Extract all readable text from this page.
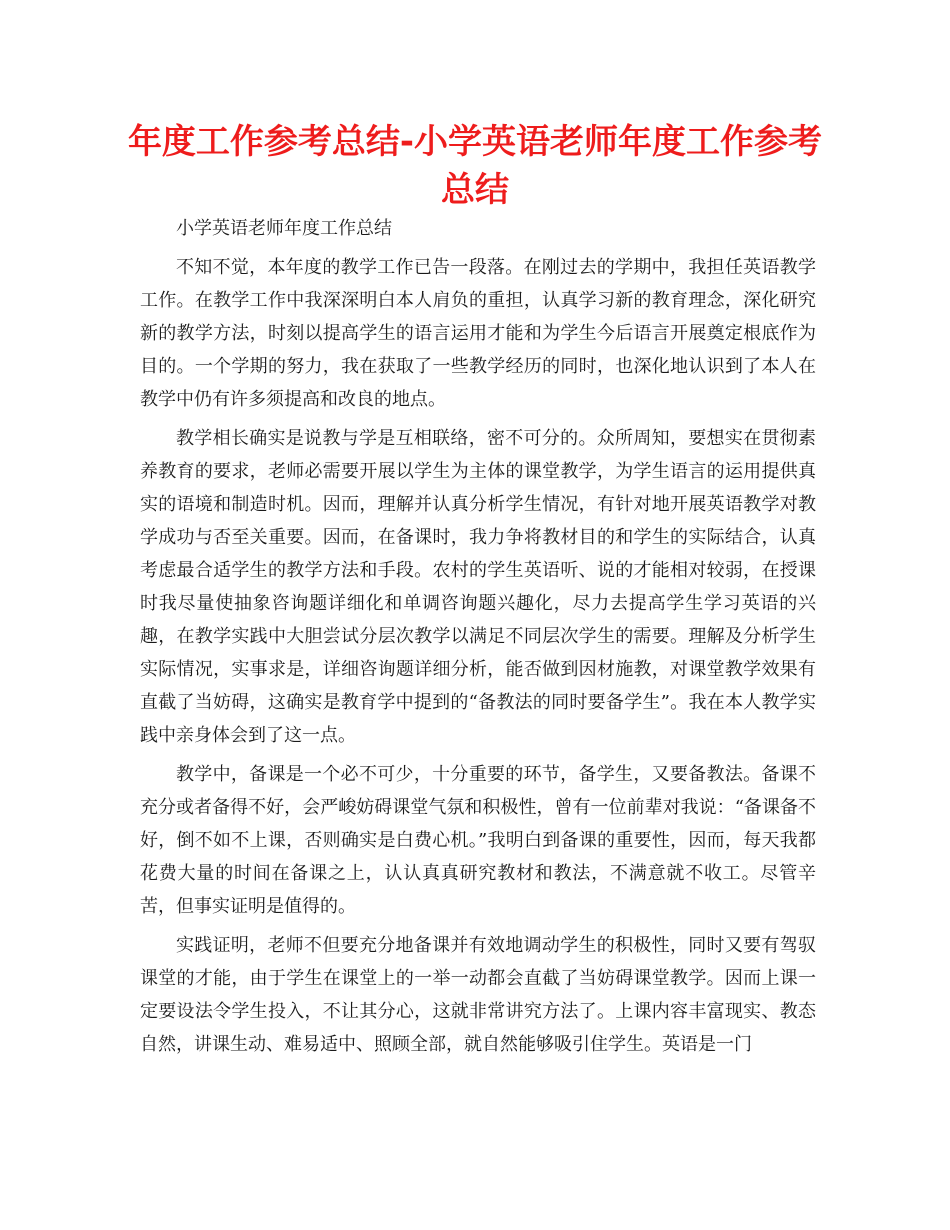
年度工作参考总结-小学英语老师年度工作参考总结

小学英语老师年度工作总结

不知不觉，本年度的教学工作已告一段落。在刚过去的学期中，我担任英语教学工作。在教学工作中我深深明白本人肩负的重担，认真学习新的教育理念，深化研究新的教学方法，时刻以提高学生的语言运用才能和为学生今后语言开展奠定根底作为目的。一个学期的努力，我在获取了一些教学经历的同时，也深化地认识到了本人在教学中仍有许多须提高和改良的地点。

教学相长确实是说教与学是互相联络，密不可分的。众所周知，要想实在贯彻素养教育的要求，老师必需要开展以学生为主体的课堂教学，为学生语言的运用提供真实的语境和制造时机。因而，理解并认真分析学生情况，有针对地开展英语教学对教学成功与否至关重要。因而，在备课时，我力争将教材目的和学生的实际结合，认真考虑最合适学生的教学方法和手段。农村的学生英语听、说的才能相对较弱，在授课时我尽量使抽象咨询题详细化和单调咨询题兴趣化，尽力去提高学生学习英语的兴趣，在教学实践中大胆尝试分层次教学以满足不同层次学生的需要。理解及分析学生实际情况，实事求是，详细咨询题详细分析，能否做到因材施教，对课堂教学效果有直截了当妨碍，这确实是教育学中提到的“备教法的同时要备学生”。我在本人教学实践中亲身体会到了这一点。

教学中，备课是一个必不可少，十分重要的环节，备学生，又要备教法。备课不充分或者备得不好，会严峻妨碍课堂气氛和积极性，曾有一位前辈对我说：“备课备不好，倒不如不上课，否则确实是白费心机。”我明白到备课的重要性，因而，每天我都花费大量的时间在备课之上，认认真真研究教材和教法，不满意就不收工。尽管辛苦，但事实证明是值得的。

实践证明，老师不但要充分地备课并有效地调动学生的积极性，同时又要有驾驭课堂的才能，由于学生在课堂上的一举一动都会直截了当妨碍课堂教学。因而上课一定要设法令学生投入，不让其分心，这就非常讲究方法了。上课内容丰富现实、教态自然，讲课生动、难易适中、照顾全部，就自然能够吸引住学生。英语是一门
